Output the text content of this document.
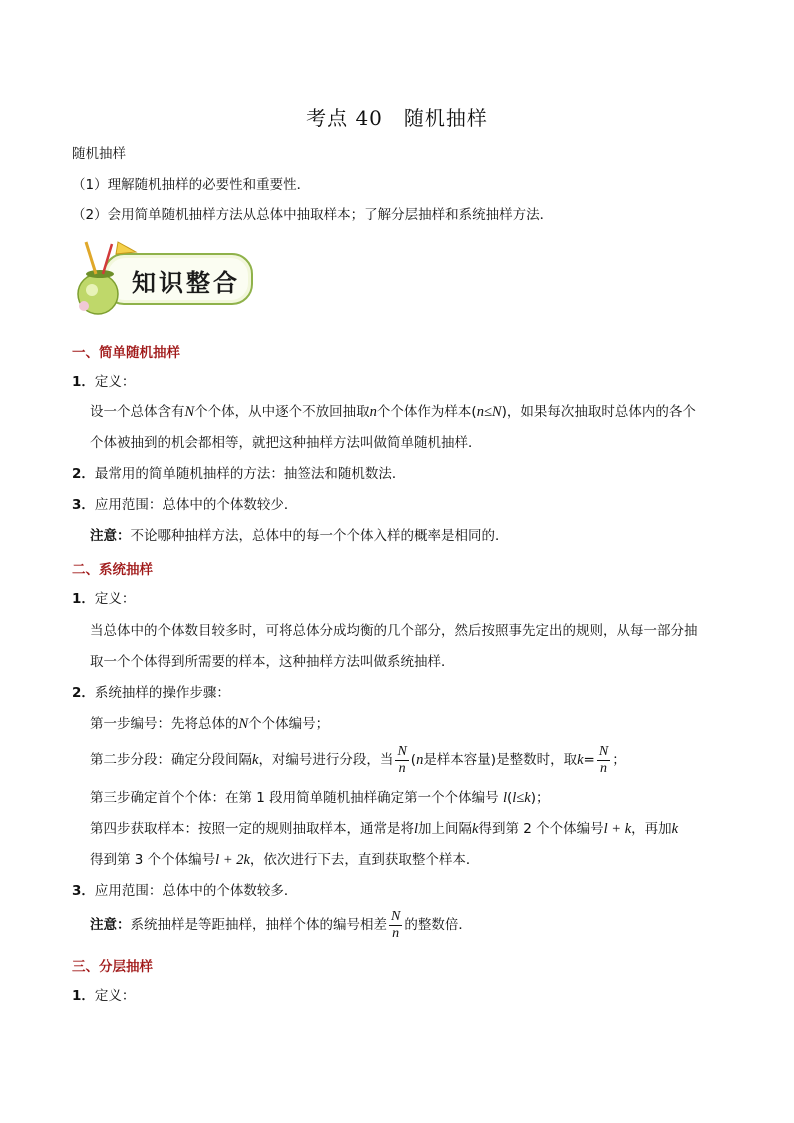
考点 40　随机抽样
随机抽样
（1）理解随机抽样的必要性和重要性．
（2）会用简单随机抽样方法从总体中抽取样本；了解分层抽样和系统抽样方法．
知识整合
一、简单随机抽样
1．定义：
设一个总体含有N个个体，从中逐个不放回抽取n个个体作为样本(n≤N)，如果每次抽取时总体内的各个
个体被抽到的机会都相等，就把这种抽样方法叫做简单随机抽样．
2．最常用的简单随机抽样的方法：抽签法和随机数法．
3．应用范围：总体中的个体数较少．
注意：不论哪种抽样方法，总体中的每一个个体入样的概率是相同的．
二、系统抽样
1．定义：
当总体中的个体数目较多时，可将总体分成均衡的几个部分，然后按照事先定出的规则，从每一部分抽
取一个个体得到所需要的样本，这种抽样方法叫做系统抽样．
2．系统抽样的操作步骤：
第一步编号：先将总体的N个个体编号；
第二步分段：确定分段间隔k，对编号进行分段，当 $\frac{N}{n} (n$是样本容量)是整数时，取$k= \frac{N}{n}$ ；
第三步确定首个个体：在第 1 段用简单随机抽样确定第一个个体编号 l(l≤k)；
第四步获取样本：按照一定的规则抽取样本，通常是将l加上间隔k得到第 2 个个体编号l + k，再加k
得到第 3 个个体编号l + 2k，依次进行下去，直到获取整个样本．
3．应用范围：总体中的个体数较多．
注意：系统抽样是等距抽样，抽样个体的编号相差 $\frac{N}{n}$ 的整数倍．
三、分层抽样
1．定义：
